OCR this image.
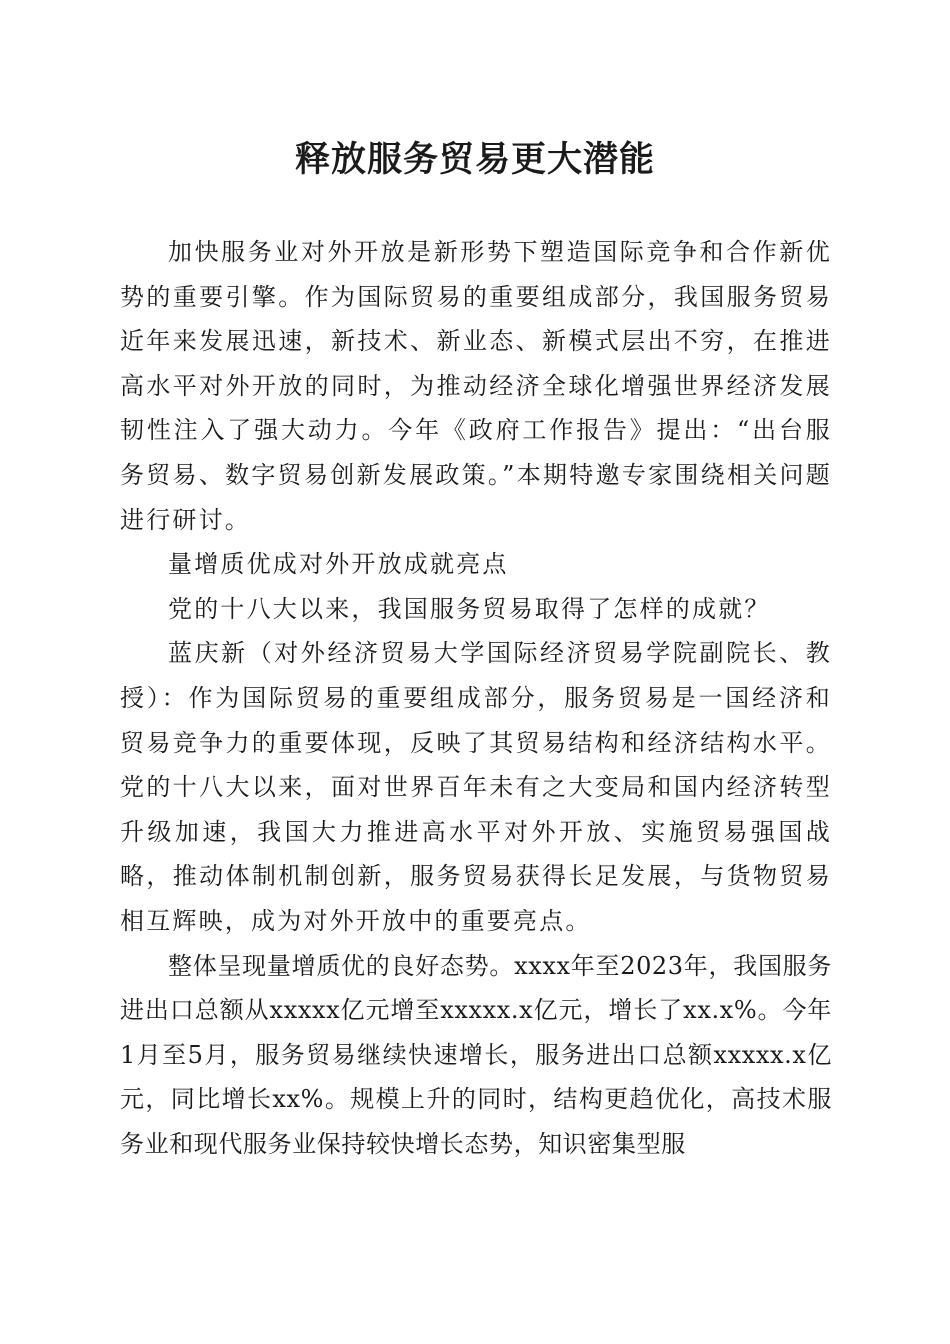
释放服务贸易更大潜能

加快服务业对外开放是新形势下塑造国际竞争和合作新优势的重要引擎。作为国际贸易的重要组成部分，我国服务贸易近年来发展迅速，新技术、新业态、新模式层出不穷，在推进高水平对外开放的同时，为推动经济全球化增强世界经济发展韧性注入了强大动力。今年《政府工作报告》提出：“出台服务贸易、数字贸易创新发展政策。”本期特邀专家围绕相关问题进行研讨。

量增质优成对外开放成就亮点

党的十八大以来，我国服务贸易取得了怎样的成就？

蓝庆新（对外经济贸易大学国际经济贸易学院副院长、教授）：作为国际贸易的重要组成部分，服务贸易是一国经济和贸易竞争力的重要体现，反映了其贸易结构和经济结构水平。党的十八大以来，面对世界百年未有之大变局和国内经济转型升级加速，我国大力推进高水平对外开放、实施贸易强国战略，推动体制机制创新，服务贸易获得长足发展，与货物贸易相互辉映，成为对外开放中的重要亮点。

整体呈现量增质优的良好态势。xxxx年至2023年，我国服务进出口总额从xxxxx亿元增至xxxxx.x亿元，增长了xx.x%。今年1月至5月，服务贸易继续快速增长，服务进出口总额xxxxx.x亿元，同比增长xx%。规模上升的同时，结构更趋优化，高技术服务业和现代服务业保持较快增长态势，知识密集型服
